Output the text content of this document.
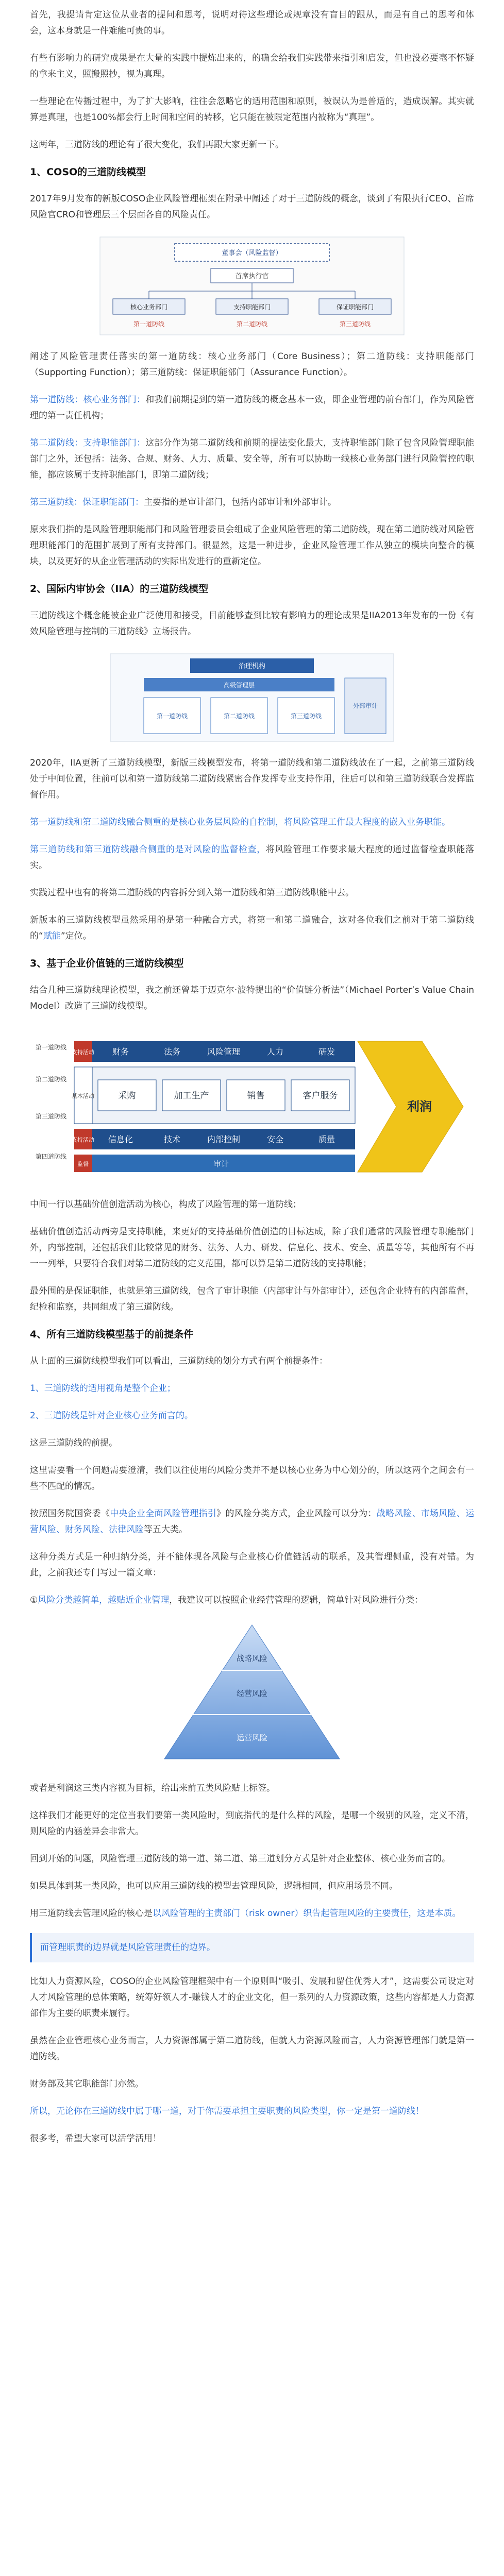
首先，我提请肯定这位从业者的提问和思考，说明对待这些理论或规章没有盲目的跟从，而是有自己的思考和体会，这本身就是一件难能可贵的事。

有些有影响力的研究成果是在大量的实践中提炼出来的，的确会给我们实践带来指引和启发，但也没必要毫不怀疑的拿来主义，照搬照抄，视为真理。

一些理论在传播过程中，为了扩大影响，往往会忽略它的适用范围和原则，被误认为是普适的，造成误解。其实就算是真理，也是100%都会行上时间和空间的转移，它只能在被限定范围内被称为“真理”。

这两年，三道防线的理论有了很大变化，我们再跟大家更新一下。

1、COSO的三道防线模型

2017年9月发布的新版COSO企业风险管理框架在附录中阐述了对于三道防线的概念，谈到了有限执行CEO、首席风险官CRO和管理层三个层面各自的风险责任。

董事会（风险监督）
首席执行官
核心业务部门	支持职能部门	保证职能部门
第一道防线	第二道防线	第三道防线

阐述了风险管理责任落实的第一道防线：核心业务部门（Core Business）；第二道防线：支持职能部门（Supporting Function）；第三道防线：保证职能部门（Assurance Function）。

第一道防线：核心业务部门：和我们前期提到的第一道防线的概念基本一致，即企业管理的前台部门，作为风险管理的第一责任机构；

第二道防线：支持职能部门：这部分作为第二道防线和前期的提法变化最大，支持职能部门除了包含风险管理职能部门之外，还包括：法务、合规、财务、人力、质量、安全等，所有可以协助一线核心业务部门进行风险管控的职能，都应该属于支持职能部门，即第二道防线；

第三道防线：保证职能部门：主要指的是审计部门，包括内部审计和外部审计。

原来我们指的是风险管理职能部门和风险管理委员会组成了企业风险管理的第二道防线，现在第二道防线对风险管理职能部门的范围扩展到了所有支持部门。很显然，这是一种进步，企业风险管理工作从独立的模块向整合的模块，以及更好的从企业管理活动的实际出发进行的重新定位。

2、国际内审协会（IIA）的三道防线模型

三道防线这个概念能被企业广泛使用和接受，目前能够查到比较有影响力的理论成果是IIA2013年发布的一份《有效风险管理与控制的三道防线》立场报告。

治理机构
高级管理层
第一道防线	第二道防线	第三道防线
外部审计

2020年，IIA更新了三道防线模型，新版三线模型发布，将第一道防线和第二道防线放在了一起，之前第三道防线处于中间位置，往前可以和第一道防线第二道防线紧密合作发挥专业支持作用，往后可以和第三道防线联合发挥监督作用。

第一道防线和第二道防线融合侧重的是核心业务层风险的自控制，将风险管理工作最大程度的嵌入业务职能。

第三道防线和第三道防线融合侧重的是对风险的监督检查，将风险管理工作要求最大程度的通过监督检查职能落实。

实践过程中也有的将第二道防线的内容拆分到入第一道防线和第三道防线职能中去。

新版本的三道防线模型虽然采用的是第一种融合方式，将第一和第二道融合，这对各位我们之前对于第二道防线的“赋能”定位。

3、基于企业价值链的三道防线模型

结合几种三道防线理论模型，我之前还曾基于迈克尔·波特提出的“价值链分析法”（Michael Porter’s Value Chain Model）改造了三道防线模型。

第一道防线
第二道防线
第三道防线
第四道防线
支持活动 财务	法务	风险管理	人力	研发
基本活动	采购	加工生产	销售	客户服务
支持活动 信息化	技术	内部控制	安全	质量
监督	审计
利润

中间一行以基础价值创造活动为核心，构成了风险管理的第一道防线；

基础价值创造活动两旁是支持职能，来更好的支持基础价值创造的目标达成，除了我们通常的风险管理专职能部门外，内部控制，还包括我们比较常见的财务、法务、人力、研发、信息化、技术、安全、质量等等，其他所有不再一一列举，只要符合我们对第二道防线的定义范围，都可以算是第二道防线的支持职能；

最外围的是保证职能，也就是第三道防线，包含了审计职能（内部审计与外部审计），还包含企业特有的内部监督，纪检和监察，共同组成了第三道防线。

4、所有三道防线模型基于的前提条件

从上面的三道防线模型我们可以看出，三道防线的划分方式有两个前提条件：

1、三道防线的适用视角是整个企业；

2、三道防线是针对企业核心业务而言的。

这是三道防线的前提。

这里需要看一个问题需要澄清，我们以往使用的风险分类并不是以核心业务为中心划分的，所以这两个之间会有一些不匹配的情况。

按照国务院国资委《中央企业全面风险管理指引》的风险分类方式，企业风险可以分为：战略风险、市场风险、运营风险、财务风险、法律风险等五大类。

这种分类方式是一种归纳分类，并不能体现各风险与企业核心价值链活动的联系，及其管理侧重，没有对错。为此，之前我还专门写过一篇文章：

①风险分类越简单，越贴近企业管理，我建议可以按照企业经营管理的逻辑，简单针对风险进行分类：

战略风险
经营风险
运营风险

或者是利润这三类内容视为目标，给出来前五类风险贴上标签。

这样我们才能更好的定位当我们要第一类风险时，到底指代的是什么样的风险，是哪一个级别的风险，定义不清，则风险的内涵差异会非常大。

回到开始的问题，风险管理三道防线的第一道、第二道、第三道划分方式是针对企业整体、核心业务而言的。

如果具体到某一类风险，也可以应用三道防线的模型去管理风险，逻辑相同，但应用场景不同。

用三道防线去管理风险的核心是以风险管理的主责部门（risk owner）织告起管理风险的主要责任，这是本质。

而管理职责的边界就是风险管理责任的边界。

比如人力资源风险，COSO的企业风险管理框架中有一个原则叫“吸引、发展和留住优秀人才”，这需要公司设定对人才风险管理的总体策略，统筹好领人才-赚钱人才的企业文化，但一系列的人力资源政策，这些内容都是人力资源部作为主要的职责来履行。

虽然在企业管理核心业务而言，人力资源部属于第二道防线，但就人力资源风险而言，人力资源管理部门就是第一道防线。

财务部及其它职能部门亦然。

所以，无论你在三道防线中属于哪一道，对于你需要承担主要职责的风险类型，你一定是第一道防线！

很多考，希望大家可以活学活用！
